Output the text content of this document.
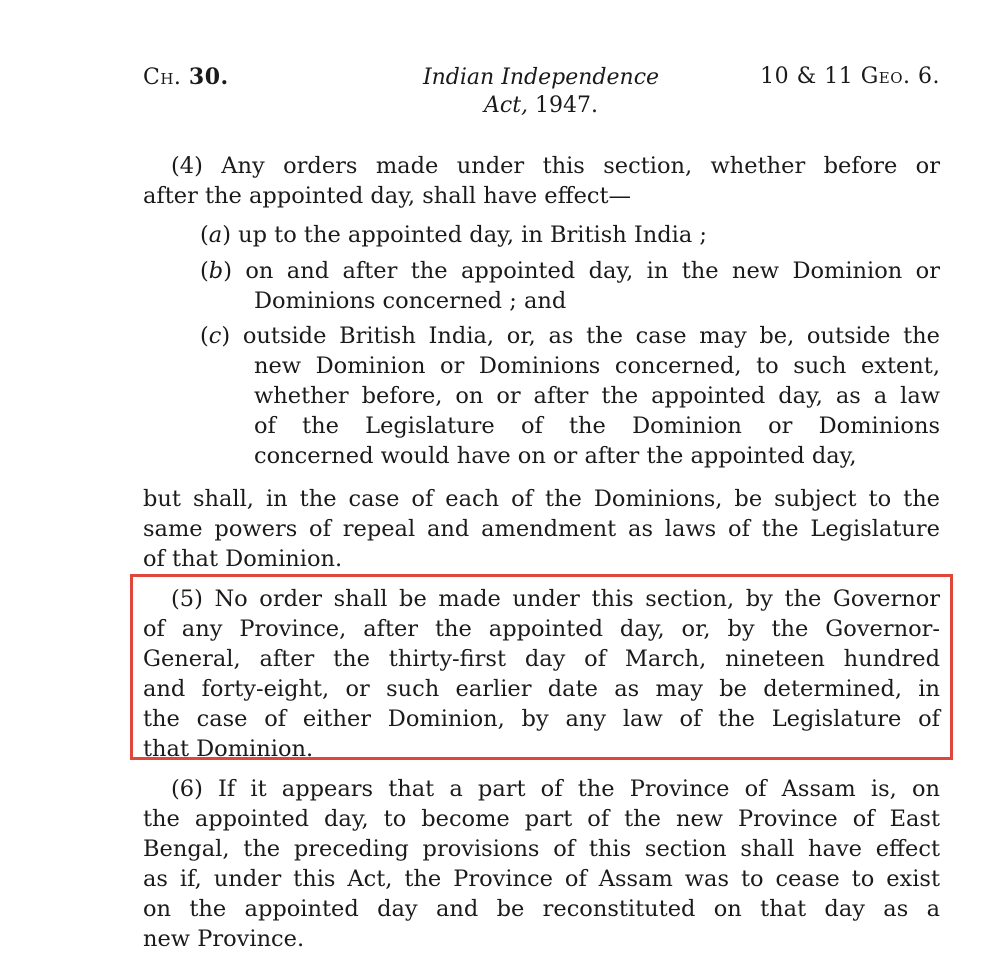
Ch. 30.	Indian Independence
Act, 1947.
10 & 11 Geo. 6.
(4) Any orders made under this section, whether before or
after the appointed day, shall have effect—
(a) up to the appointed day, in British India ;
(b) on and after the appointed day, in the new Dominion or
Dominions concerned ; and
(c) outside British India, or, as the case may be, outside the
new Dominion or Dominions concerned, to such extent,
whether before, on or after the appointed day, as a law
of the Legislature of the Dominion or Dominions
concerned would have on or after the appointed day,
but shall, in the case of each of the Dominions, be subject to the
same powers of repeal and amendment as laws of the Legislature
of that Dominion.
(5) No order shall be made under this section, by the Governor
of any Province, after the appointed day, or, by the Governor-
General, after the thirty-first day of March, nineteen hundred
and forty-eight, or such earlier date as may be determined, in
the case of either Dominion, by any law of the Legislature of
that Dominion.
(6) If it appears that a part of the Province of Assam is, on
the appointed day, to become part of the new Province of East
Bengal, the preceding provisions of this section shall have effect
as if, under this Act, the Province of Assam was to cease to exist
on the appointed day and be reconstituted on that day as a
new Province.
